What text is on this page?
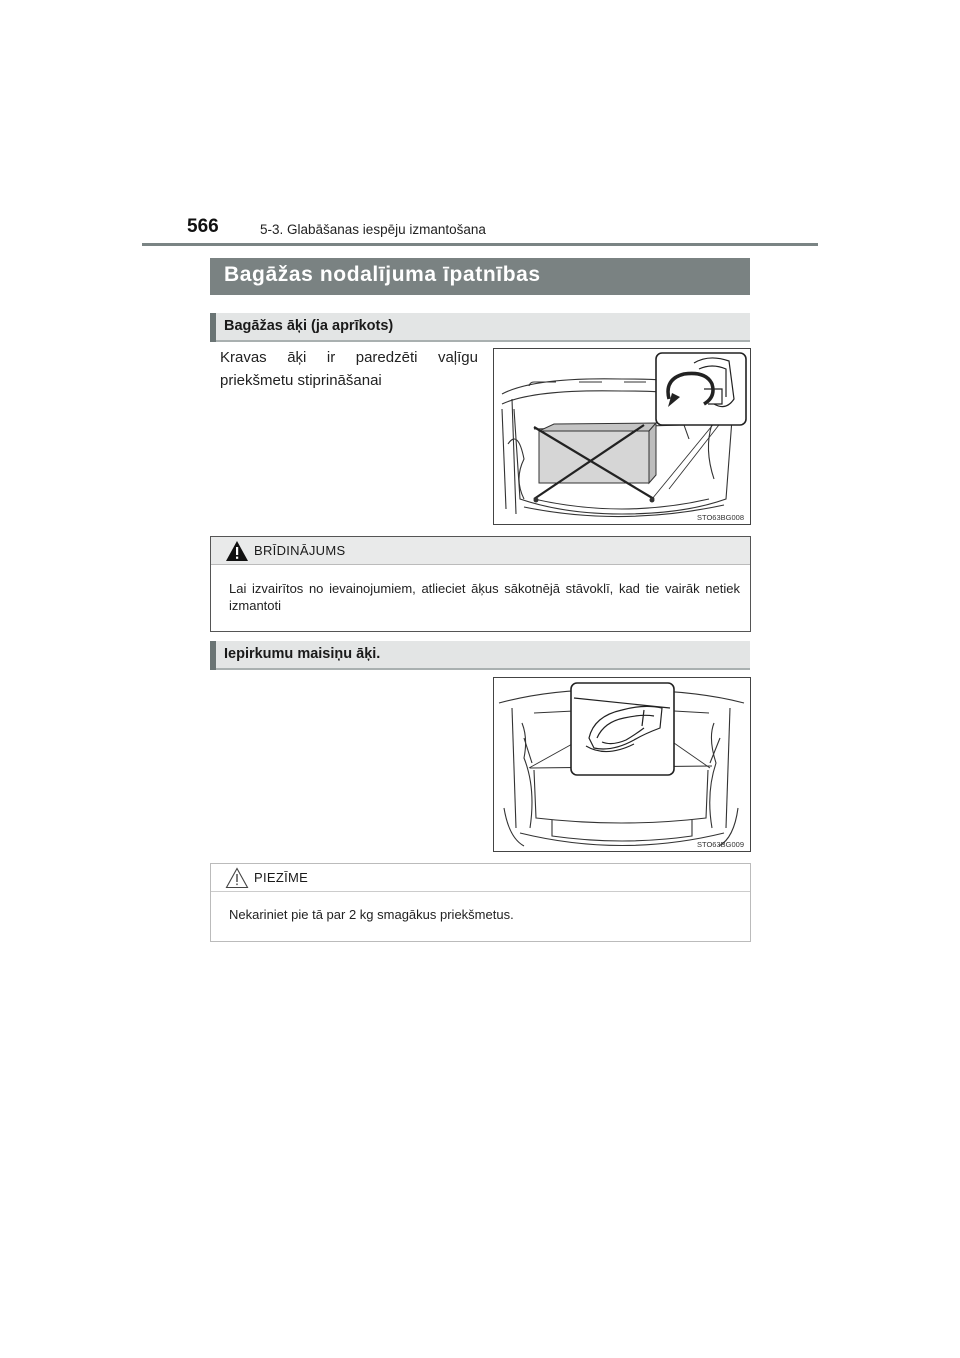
566	5-3. Glabāšanas iespēju izmantošana
Bagāžas nodalījuma īpatnības
Bagāžas āķi (ja aprīkots)
Kravas āķi ir paredzēti vaļīgu priekšmetu stiprināšanai
STO63BG008
BRĪDINĀJUMS
Lai izvairītos no ievainojumiem, atlieciet āķus sākotnējā stāvoklī, kad tie vairāk netiek izmantoti
Iepirkumu maisiņu āķi.
STO63BG009
PIEZĪME
Nekariniet pie tā par 2 kg smagākus priekšmetus.
